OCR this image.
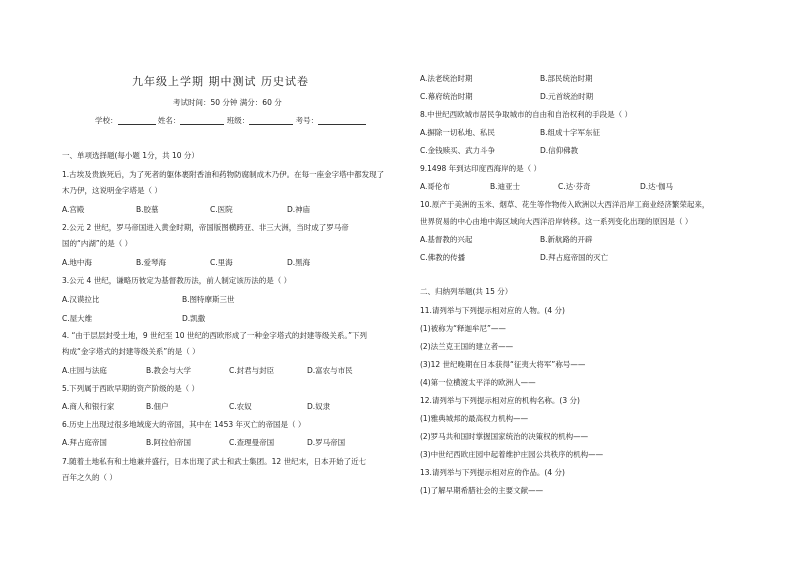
九年级上学期 期中测试 历史试卷
考试时间：50 分钟 满分：60 分
学校：	姓名：	班级：	考号：
一、单项选择题(每小题 1分，共 10 分）
1.古埃及贵族死后，为了死者的躯体裹附香油和药物防腐制成木乃伊。在每一座金字塔中都发现了
木乃伊，这说明金字塔是（ ）
A.宫殿	B.胶墓	C.医院	D.神庙
2.公元 2 世纪，罗马帝国进入黄金时期，帝国版图横跨亚、非三大洲，当时成了罗马帝
国的“内湖”的是（ ）
A.地中海	B.爱琴海	C.里海	D.黑海
3.公元 4 世纪，谦略历彼定为基督教历法，前人制定该历法的是（ ）
A.汉谟拉比	B.图特摩斯三世
C.屋大维	D.凯撒
4. “由于层层封受土地，9 世纪至 10 世纪的西欧形成了一种金字塔式的封建等级关系。”下列
构成“金字塔式的封建等级关系”的是（ ）
A.庄园与法庭	B.教会与大学	C.封君与封臣	D.富农与市民
5.下列属于西欧早期的资产阶级的是（ ）
A.商人和银行家	B.佃户	C.农奴	D.奴隶
6.历史上出现过很多地域庞大的帝国，其中在 1453 年灭亡的帝国是（ ）
A.拜占庭帝国	B.阿拉伯帝国	C.查理曼帝国	D.罗马帝国
7.随着土地私有和土地兼并盛行，日本出现了武士和武士集团。12 世纪末，日本开始了近七
百年之久的（ ）
A.法老统治时期	B.部民统治时期
C.幕府统治时期	D.元首统治时期
8.中世纪西欧城市居民争取城市的自由和自治权利的手段是（ ）
A.摒除一切私地、私民	B.组成十字军东征
C.金钱赎买、武力斗争	D.信仰佛教
9.1498 年到达印度西海岸的是（ ）
A.哥伦布	B.迪亚士	C.达·芬奇	D.达·伽马
10.原产于美洲的玉米、烟草、花生等作物传入欧洲以大西洋沿岸工商业经济繁荣起来，
世界贸易的中心由地中海区域向大西洋沿岸转移。这一系列变化出现的原因是（ ）
A.基督教的兴起	B.新航路的开辟
C.佛教的传播	D.拜占庭帝国的灭亡
二、归纳列举题(共 15 分）
11.请列举与下列提示相对应的人物。(4 分)
(1)被称为“释迦牟尼”——
(2)法兰克王国的建立者——
(3)12 世纪晚期在日本获得“征夷大将军”称号——
(4)第一位横渡太平洋的欧洲人——
12.请列举与下列提示相对应的机构名称。(3 分)
(1)雅典城邦的最高权力机构——
(2)罗马共和国时掌握国家统治的决策权的机构——
(3)中世纪西欧庄园中起着维护庄园公共秩序的机构——
13.请列举与下列提示相对应的作品。(4 分)
(1)了解早期希腊社会的主要文献——
